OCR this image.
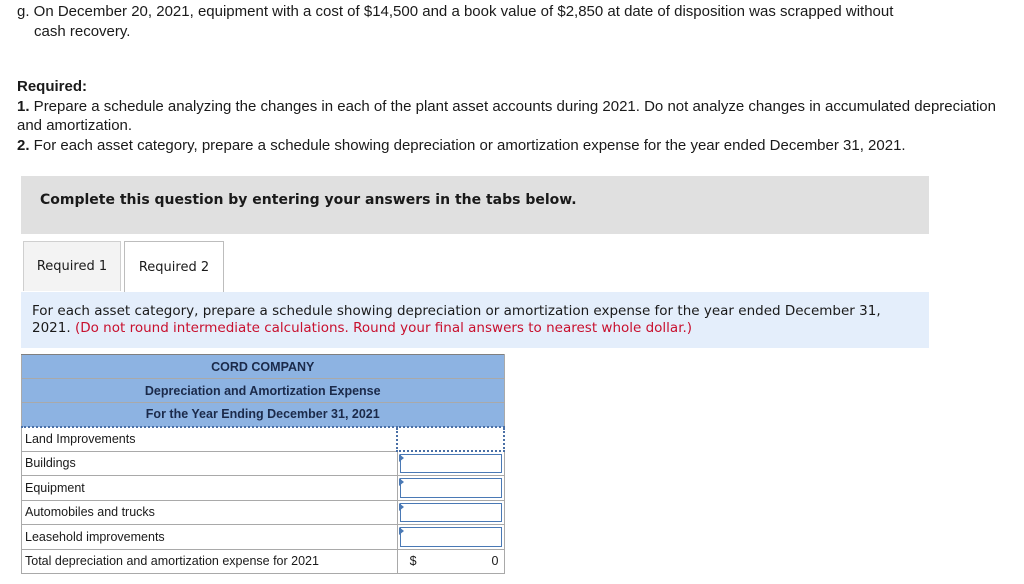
g. On December 20, 2021, equipment with a cost of $14,500 and a book value of $2,850 at date of disposition was scrapped without
cash recovery.
Required:
1. Prepare a schedule analyzing the changes in each of the plant asset accounts during 2021. Do not analyze changes in accumulated depreciation and amortization.
2. For each asset category, prepare a schedule showing depreciation or amortization expense for the year ended December 31, 2021.
Complete this question by entering your answers in the tabs below.
Required 1	Required 2

For each asset category, prepare a schedule showing depreciation or amortization expense for the year ended December 31, 2021. (Do not round intermediate calculations. Round your final answers to nearest whole dollar.)

CORD COMPANY	
Depreciation and Amortization Expense	
For the Year Ending December 31, 2021	
Land Improvements	
Buildings	

Equipment	

Automobiles and trucks	

Leasehold improvements	

Total depreciation and amortization expense for 2021	$ 0
